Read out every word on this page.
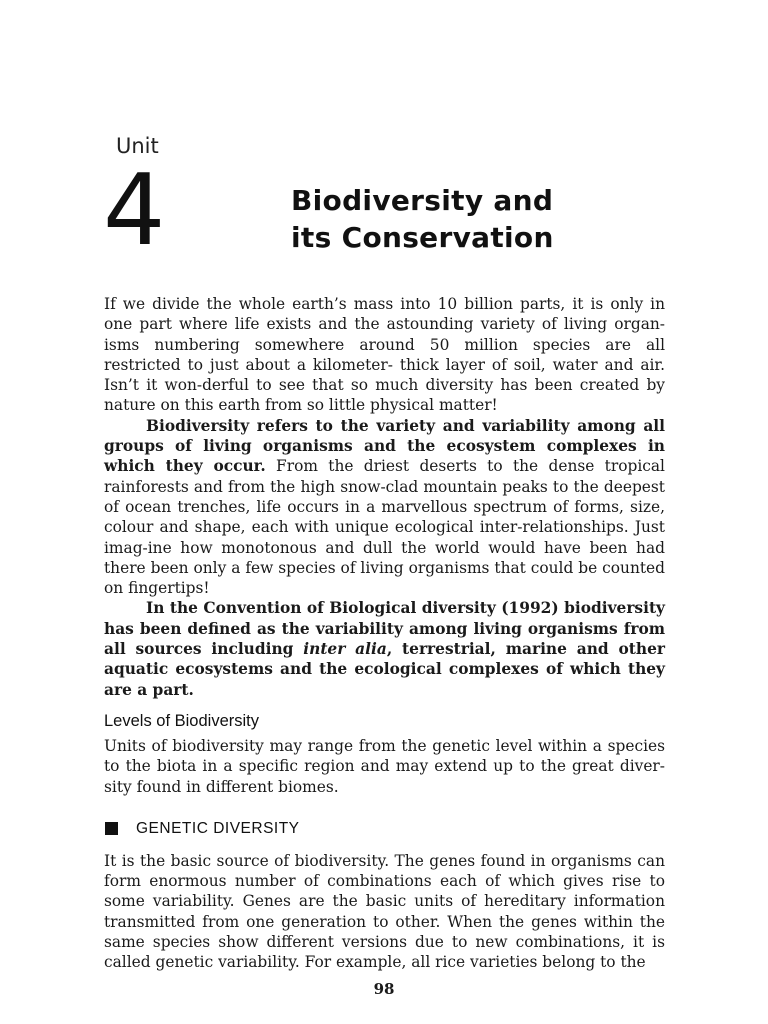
Unit
4	Biodiversity and
its Conservation

If we divide the whole earth’s mass into 10 billion parts, it is only in one part where life exists and the astounding variety of living organ-isms numbering somewhere around 50 million species are all restricted to just about a kilometer- thick layer of soil, water and air. Isn’t it won-derful to see that so much diversity has been created by nature on this earth from so little physical matter!

Biodiversity refers to the variety and variability among all groups of living organisms and the ecosystem complexes in which they occur. From the driest deserts to the dense tropical rainforests and from the high snow-clad mountain peaks to the deepest of ocean trenches, life occurs in a marvellous spectrum of forms, size, colour and shape, each with unique ecological inter-relationships. Just imag-ine how monotonous and dull the world would have been had there been only a few species of living organisms that could be counted on fingertips!

In the Convention of Biological diversity (1992) biodiversity has been defined as the variability among living organisms from all sources including inter alia, terrestrial, marine and other aquatic ecosystems and the ecological complexes of which they are a part.

Levels of Biodiversity

Units of biodiversity may range from the genetic level within a species to the biota in a specific region and may extend up to the great diver-sity found in different biomes.

GENETIC DIVERSITY

It is the basic source of biodiversity. The genes found in organisms can form enormous number of combinations each of which gives rise to some variability. Genes are the basic units of hereditary information transmitted from one generation to other. When the genes within the same species show different versions due to new combinations, it is called genetic variability. For example, all rice varieties belong to the

98
